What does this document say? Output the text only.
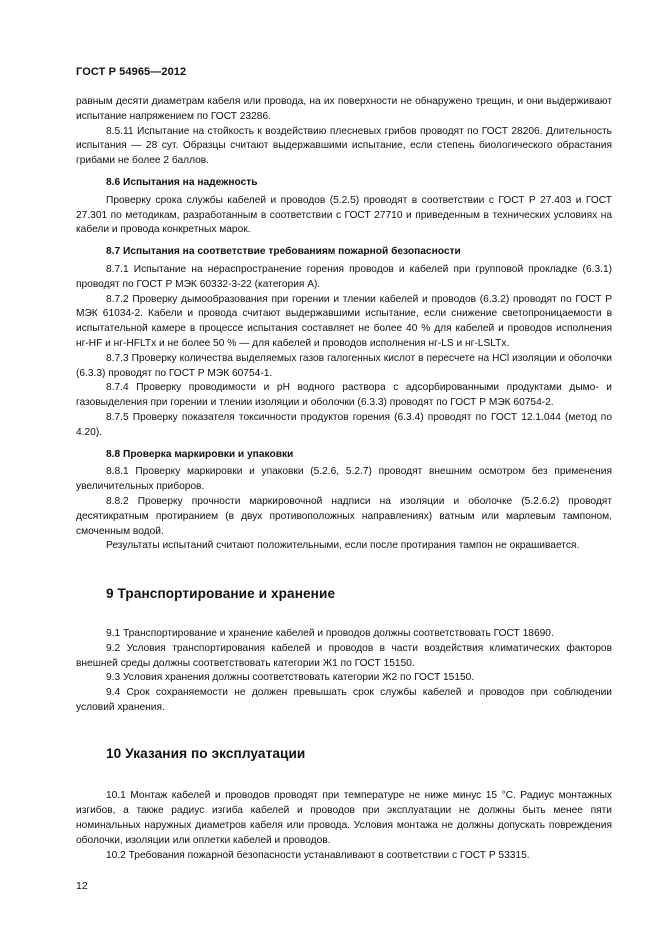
ГОСТ Р 54965—2012
равным десяти диаметрам кабеля или провода, на их поверхности не обнаружено трещин, и они выдерживают испытание напряжением по ГОСТ 23286.
8.5.11 Испытание на стойкость к воздействию плесневых грибов проводят по ГОСТ 28206. Длительность испытания — 28 сут. Образцы считают выдержавшими испытание, если степень биологического обрастания грибами не более 2 баллов.
8.6 Испытания на надежность
Проверку срока службы кабелей и проводов (5.2.5) проводят в соответствии с ГОСТ Р 27.403 и ГОСТ 27.301 по методикам, разработанным в соответствии с ГОСТ 27710 и приведенным в технических условиях на кабели и провода конкретных марок.
8.7 Испытания на соответствие требованиям пожарной безопасности
8.7.1 Испытание на нераспространение горения проводов и кабелей при групповой прокладке (6.3.1) проводят по ГОСТ Р МЭК 60332-3-22 (категория А).
8.7.2 Проверку дымообразования при горении и тлении кабелей и проводов (6.3.2) проводят по ГОСТ Р МЭК 61034-2. Кабели и провода считают выдержавшими испытание, если снижение светопроницаемости в испытательной камере в процессе испытания составляет не более 40 % для кабелей и проводов исполнения нг-HF и нг-HFLTx и не более 50 % — для кабелей и проводов исполнения нг-LS и нг-LSLTx.
8.7.3 Проверку количества выделяемых газов галогенных кислот в пересчете на HCl изоляции и оболочки (6.3.3) проводят по ГОСТ Р МЭК 60754-1.
8.7.4 Проверку проводимости и pH водного раствора с адсорбированными продуктами дымо- и газовыделения при горении и тлении изоляции и оболочки (6.3.3) проводят по ГОСТ Р МЭК 60754-2.
8.7.5 Проверку показателя токсичности продуктов горения (6.3.4) проводят по ГОСТ 12.1.044 (метод по 4.20).
8.8 Проверка маркировки и упаковки
8.8.1 Проверку маркировки и упаковки (5.2.6, 5.2.7) проводят внешним осмотром без применения увеличительных приборов.
8.8.2 Проверку прочности маркировочной надписи на изоляции и оболочке (5.2.6.2) проводят десятикратным протиранием (в двух противоположных направлениях) ватным или марлевым тампоном, смоченным водой.
Результаты испытаний считают положительными, если после протирания тампон не окрашивается.
9 Транспортирование и хранение
9.1 Транспортирование и хранение кабелей и проводов должны соответствовать ГОСТ 18690.
9.2 Условия транспортирования кабелей и проводов в части воздействия климатических факторов внешней среды должны соответствовать категории Ж1 по ГОСТ 15150.
9.3 Условия хранения должны соответствовать категории Ж2 по ГОСТ 15150.
9.4 Срок сохраняемости не должен превышать срок службы кабелей и проводов при соблюдении условий хранения.
10 Указания по эксплуатации
10.1 Монтаж кабелей и проводов проводят при температуре не ниже минус 15 °С. Радиус монтажных изгибов, а также радиус изгиба кабелей и проводов при эксплуатации не должны быть менее пяти номинальных наружных диаметров кабеля или провода. Условия монтажа не должны допускать повреждения оболочки, изоляции или оплетки кабелей и проводов.
10.2 Требования пожарной безопасности устанавливают в соответствии с ГОСТ Р 53315.
12
